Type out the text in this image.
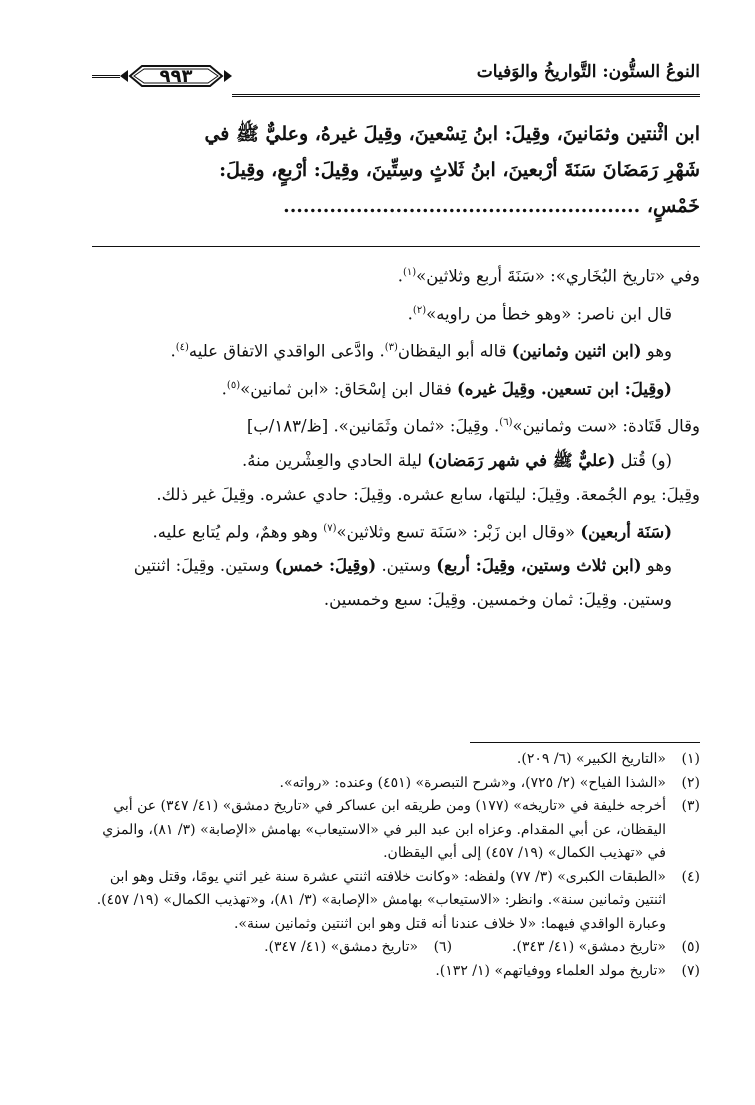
النوعُ الستُّون: التَّواريخُ والوَفيات
٩٩٣
ابن اثْنتين وثمَانينَ، وقِيلَ: ابنُ تِسْعينَ، وقِيلَ غيرهُ، وعليٌّ ﷺ في
شَهْرِ رَمَضَانَ سَنَةَ أرْبعينَ، ابنُ ثَلاثٍ وسِتِّينَ، وقِيلَ: أرْبعٍ، وقِيلَ:
خَمْسٍ، ......................................................

وفي «تاريخ البُخَاري»: «سَنَةَ أربع وثلاثين»$^{(١)}$.

قال ابن ناصر: «وهو خطأ من راويه»$^{(٢)}$.

وهو (ابن اثنين وثمانين) قاله أبو اليقظان$^{(٣)}$. وادَّعى الواقدي الاتفاق عليه$^{(٤)}$.

(وقِيلَ: ابن تسعين. وقِيلَ غيره) فقال ابن إسْحَاق: «ابن ثمانين»$^{(٥)}$.

وقال قَتَادة: «ست وثمانين»$^{(٦)}$. وقِيلَ: «ثمان وثَمَانين». [ظ/١٨٣/ب]

(و) قُتل (عليٌّ ﷺ في شهر رَمَضان) ليلة الحادي والعِشْرين منهُ.

وقِيلَ: يوم الجُمعة. وقِيلَ: ليلتها، سابع عشره. وقِيلَ: حادي عشره. وقِيلَ غير ذلك.

(سَنَة أربعين) «وقال ابن زَبْر: «سَنَة تسع وثلاثين»$^{(٧)}$ وهو وهمٌ، ولم يُتابع عليه.

وهو (ابن ثلاث وستين، وقِيلَ: أربع) وستين. (وقِيلَ: خمس) وستين. وقِيلَ: اثنتين وستين. وقِيلَ: ثمان وخمسين. وقِيلَ: سبع وخمسين.

(١)
«التاريخ الكبير» (٦/ ٢٠٩).
(٢)
«الشذا الفياح» (٢/ ٧٢٥)، و«شرح التبصرة» (٤٥١) وعنده: «رواته».
(٣)
أخرجه خليفة في «تاريخه» (١٧٧) ومن طريقه ابن عساكر في «تاريخ دمشق» (٤١/ ٣٤٧) عن أبي اليقظان، عن أبي المقدام. وعزاه ابن عبد البر في «الاستيعاب» بهامش «الإصابة» (٣/ ٨١)، والمزي في «تهذيب الكمال» (١٩/ ٤٥٧) إلى أبي اليقظان.
(٤)
«الطبقات الكبرى» (٣/ ٧٧) ولفظه: «وكانت خلافته اثنتي عشرة سنة غير اثني يومًا، وقتل وهو ابن اثنتين وثمانين سنة». وانظر: «الاستيعاب» بهامش «الإصابة» (٣/ ٨١)، و«تهذيب الكمال» (١٩/ ٤٥٧). وعبارة الواقدي فيهما: «لا خلاف عندنا أنه قتل وهو ابن اثنتين وثمانين سنة».
(٥)
«تاريخ دمشق» (٤١/ ٣٤٣).
(٦)
«تاريخ دمشق» (٤١/ ٣٤٧).
(٧)
«تاريخ مولد العلماء ووفياتهم» (١/ ١٣٢).
